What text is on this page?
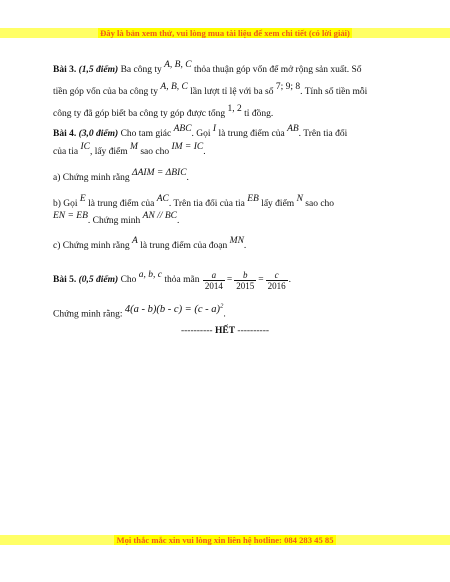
Đây là bản xem thử, vui lòng mua tài liệu để xem chi tiết (có lời giải)
Bài 3. (1,5 điểm) Ba công ty A, B, C thỏa thuận góp vốn để mở rộng sản xuất. Số
tiền góp vốn của ba công ty A, B, C lần lượt tỉ lệ với ba số 7; 9; 8. Tính số tiền mỗi
công ty đã góp biết ba công ty góp được tổng 1, 2 tỉ đồng.
Bài 4. (3,0 điểm) Cho tam giác ABC. Gọi I là trung điểm của AB. Trên tia đối
của tia IC, lấy điểm M sao cho IM = IC.
a) Chứng minh rằng ΔAIM = ΔBIC.
b) Gọi E là trung điểm của AC. Trên tia đối của tia EB lấy điểm N sao cho
EN = EB. Chứng minh AN // BC.
c) Chứng minh rằng A là trung điểm của đoạn MN.
Bài 5. (0,5 điểm) Cho a, b, c thỏa mãn $\frac{a}{2014} = \frac{b}{2015} = \frac{c}{2016}$ .
Chứng minh rằng: 4(a - b)(b - c) = (c - a)$^2$.
---------- HẾT ----------
Mọi thắc mắc xin vui lòng xin liên hệ hotline: 084 283 45 85
